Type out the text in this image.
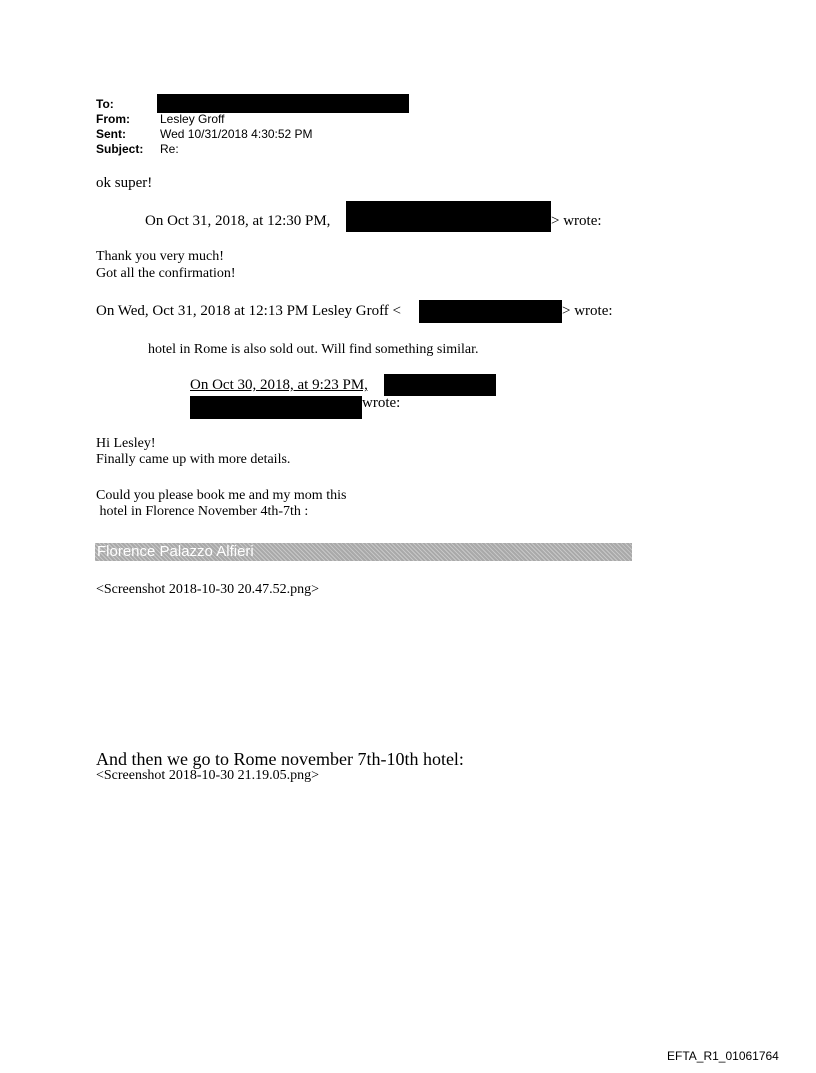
To:
From:	Lesley Groff
Sent:	Wed 10/31/2018 4:30:52 PM
Subject: Re:
ok super!
On Oct 31, 2018, at 12:30 PM,	> wrote:
Thank you very much!
Got all the confirmation!
On Wed, Oct 31, 2018 at 12:13 PM Lesley Groff <	> wrote:
hotel in Rome is also sold out. Will find something similar.
On Oct 30, 2018, at 9:23 PM,
wrote:
Hi Lesley!
Finally came up with more details.
Could you please book me and my mom this
hotel in Florence November 4th-7th :
Florence Palazzo Alfieri
<Screenshot 2018-10-30 20.47.52.png>
And then we go to Rome november 7th-10th hotel:
<Screenshot 2018-10-30 21.19.05.png>
EFTA_R1_01061764
